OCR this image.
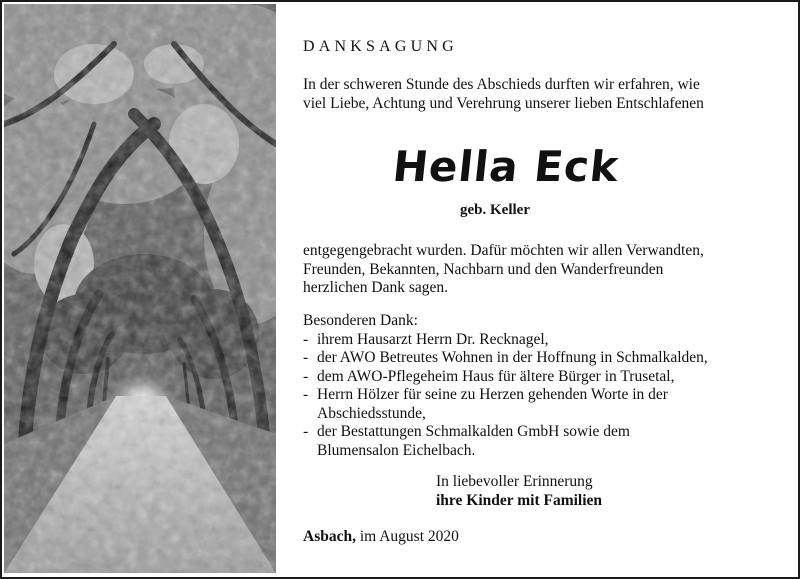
DANKSAGUNG
In der schweren Stunde des Abschieds durften wir erfahren, wie
viel Liebe, Achtung und Verehrung unserer lieben Entschlafenen
Hella Eck
geb. Keller
entgegengebracht wurden. Dafür möchten wir allen Verwandten,
Freunden, Bekannten, Nachbarn und den Wanderfreunden
herzlichen Dank sagen.
Besonderen Dank:
- ihrem Hausarzt Herrn Dr. Recknagel,
- der AWO Betreutes Wohnen in der Hoffnung in Schmalkalden,
- dem AWO-Pflegeheim Haus für ältere Bürger in Trusetal,
- Herrn Hölzer für seine zu Herzen gehenden Worte in der
Abschiedsstunde,
- der Bestattungen Schmalkalden GmbH sowie dem
Blumensalon Eichelbach.
In liebevoller Erinnerung
ihre Kinder mit Familien
Asbach, im August 2020
